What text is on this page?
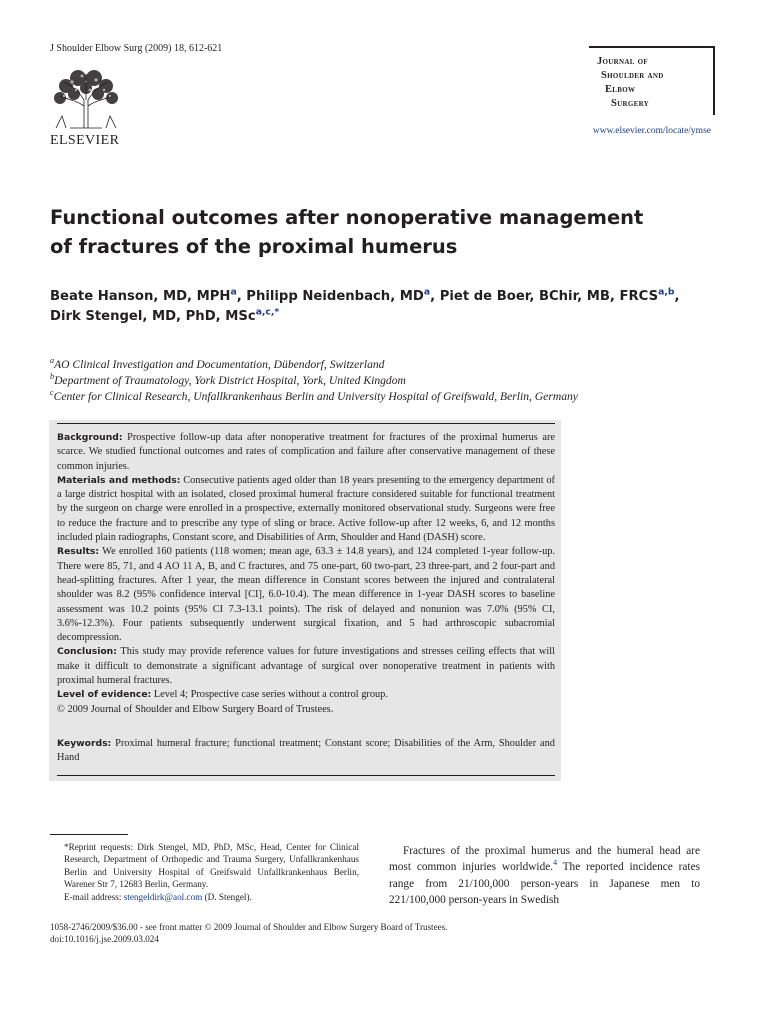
J Shoulder Elbow Surg (2009) 18, 612-621
ELSEVIER
Journal of
Shoulder and
Elbow
Surgery
www.elsevier.com/locate/ymse
Functional outcomes after nonoperative management
of fractures of the proximal humerus
Beate Hanson, MD, MPH$^a$, Philipp Neidenbach, $MD^a$, Piet de Boer, BChir, MB, FRCS$^{a,b}$,
Dirk Stengel, MD, PhD, MSc$^{a,c,*}$
$^a$AO Clinical Investigation and Documentation, Dübendorf, Switzerland
$^b$Department of Traumatology, York District Hospital, York, United Kingdom
$^c$Center for Clinical Research, Unfallkrankenhaus Berlin and University Hospital of Greifswald, Berlin, Germany

Background: Prospective follow-up data after nonoperative treatment for fractures of the proximal humerus are scarce. We studied functional outcomes and rates of complication and failure after conservative management of these common injuries.

Materials and methods: Consecutive patients aged older than 18 years presenting to the emergency department of a large district hospital with an isolated, closed proximal humeral fracture considered suitable for functional treatment by the surgeon on charge were enrolled in a prospective, externally monitored observational study. Surgeons were free to reduce the fracture and to prescribe any type of sling or brace. Active follow-up after 12 weeks, 6, and 12 months included plain radiographs, Constant score, and Disabilities of Arm, Shoulder and Hand (DASH) score.

Results: We enrolled 160 patients (118 women; mean age, 63.3 ± 14.8 years), and 124 completed 1-year follow-up. There were 85, 71, and 4 AO 11 A, B, and C fractures, and 75 one-part, 60 two-part, 23 three-part, and 2 four-part and head-splitting fractures. After 1 year, the mean difference in Constant scores between the injured and contralateral shoulder was 8.2 (95% confidence interval [CI], 6.0-10.4). The mean difference in 1-year DASH scores to baseline assessment was 10.2 points (95% CI 7.3-13.1 points). The risk of delayed and nonunion was 7.0% (95% CI, 3.6%-12.3%). Four patients subsequently underwent surgical fixation, and 5 had arthroscopic subacromial decompression.

Conclusion: This study may provide reference values for future investigations and stresses ceiling effects that will make it difficult to demonstrate a significant advantage of surgical over nonoperative treatment in patients with proximal humeral fractures.

Level of evidence: Level 4; Prospective case series without a control group.

© 2009 Journal of Shoulder and Elbow Surgery Board of Trustees.

Keywords: Proximal humeral fracture; functional treatment; Constant score; Disabilities of the Arm, Shoulder and Hand

*Reprint requests: Dirk Stengel, MD, PhD, MSc, Head, Center for Clinical Research, Department of Orthopedic and Trauma Surgery, Unfallkrankenhaus Berlin and University Hospital of Greifswald Unfallkrankenhaus Berlin, Warener Str 7, 12683 Berlin, Germany.

E-mail address: stengeldirk@aol.com (D. Stengel).

Fractures of the proximal humerus and the humeral head are most common injuries worldwide.$^4$ The reported incidence rates range from 21/100,000 person-years in Japanese men to 221/100,000 person-years in Swedish

1058-2746/2009/$36.00 - see front matter © 2009 Journal of Shoulder and Elbow Surgery Board of Trustees.
doi:10.1016/j.jse.2009.03.024
